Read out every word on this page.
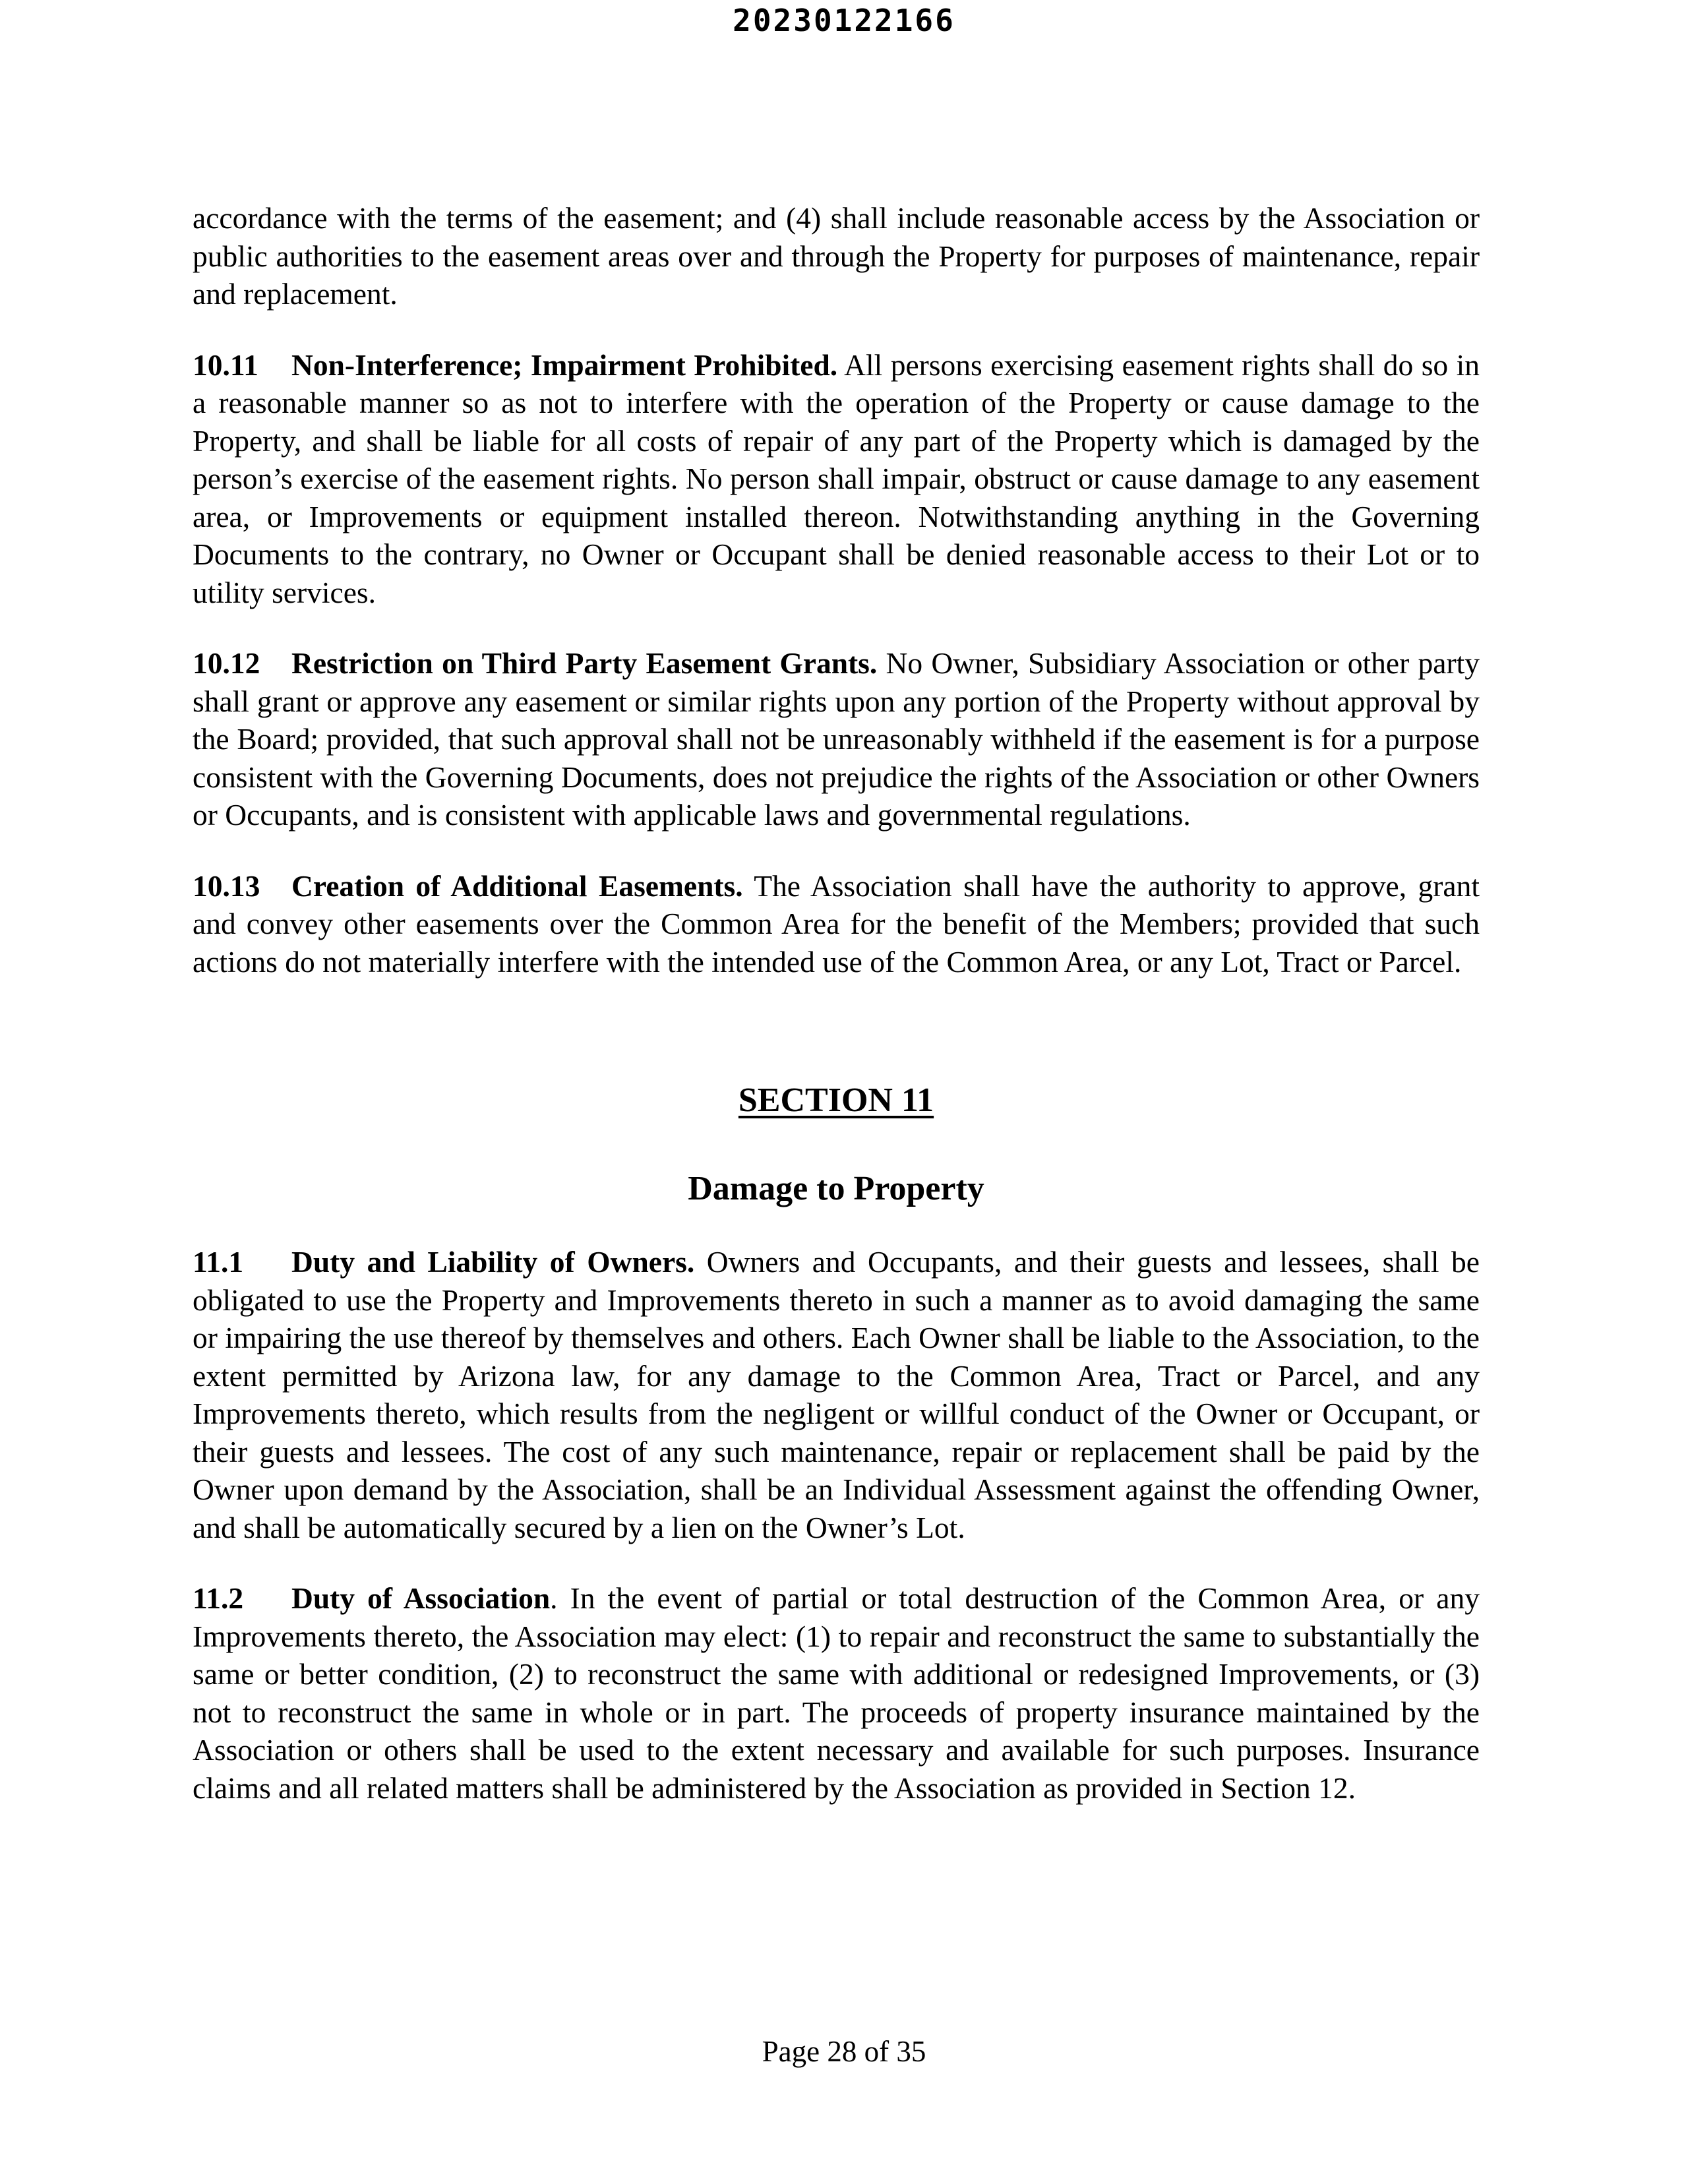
20230122166

accordance with the terms of the easement; and (4) shall include reasonable access by the Association or public authorities to the easement areas over and through the Property for purposes of maintenance, repair and replacement.

10.11 Non-Interference; Impairment Prohibited. All persons exercising easement rights shall do so in a reasonable manner so as not to interfere with the operation of the Property or cause damage to the Property, and shall be liable for all costs of repair of any part of the Property which is damaged by the person’s exercise of the easement rights. No person shall impair, obstruct or cause damage to any easement area, or Improvements or equipment installed thereon. Notwithstanding anything in the Governing Documents to the contrary, no Owner or Occupant shall be denied reasonable access to their Lot or to utility services.

10.12 Restriction on Third Party Easement Grants. No Owner, Subsidiary Association or other party shall grant or approve any easement or similar rights upon any portion of the Property without approval by the Board; provided, that such approval shall not be unreasonably withheld if the easement is for a purpose consistent with the Governing Documents, does not prejudice the rights of the Association or other Owners or Occupants, and is consistent with applicable laws and governmental regulations.

10.13 Creation of Additional Easements. The Association shall have the authority to approve, grant and convey other easements over the Common Area for the benefit of the Members; provided that such actions do not materially interfere with the intended use of the Common Area, or any Lot, Tract or Parcel.

SECTION 11
Damage to Property

11.1 Duty and Liability of Owners. Owners and Occupants, and their guests and lessees, shall be obligated to use the Property and Improvements thereto in such a manner as to avoid damaging the same or impairing the use thereof by themselves and others. Each Owner shall be liable to the Association, to the extent permitted by Arizona law, for any damage to the Common Area, Tract or Parcel, and any Improvements thereto, which results from the negligent or willful conduct of the Owner or Occupant, or their guests and lessees. The cost of any such maintenance, repair or replacement shall be paid by the Owner upon demand by the Association, shall be an Individual Assessment against the offending Owner, and shall be automatically secured by a lien on the Owner’s Lot.

11.2 Duty of Association. In the event of partial or total destruction of the Common Area, or any Improvements thereto, the Association may elect: (1) to repair and reconstruct the same to substantially the same or better condition, (2) to reconstruct the same with additional or redesigned Improvements, or (3) not to reconstruct the same in whole or in part. The proceeds of property insurance maintained by the Association or others shall be used to the extent necessary and available for such purposes. Insurance claims and all related matters shall be administered by the Association as provided in Section 12.

Page 28 of 35
